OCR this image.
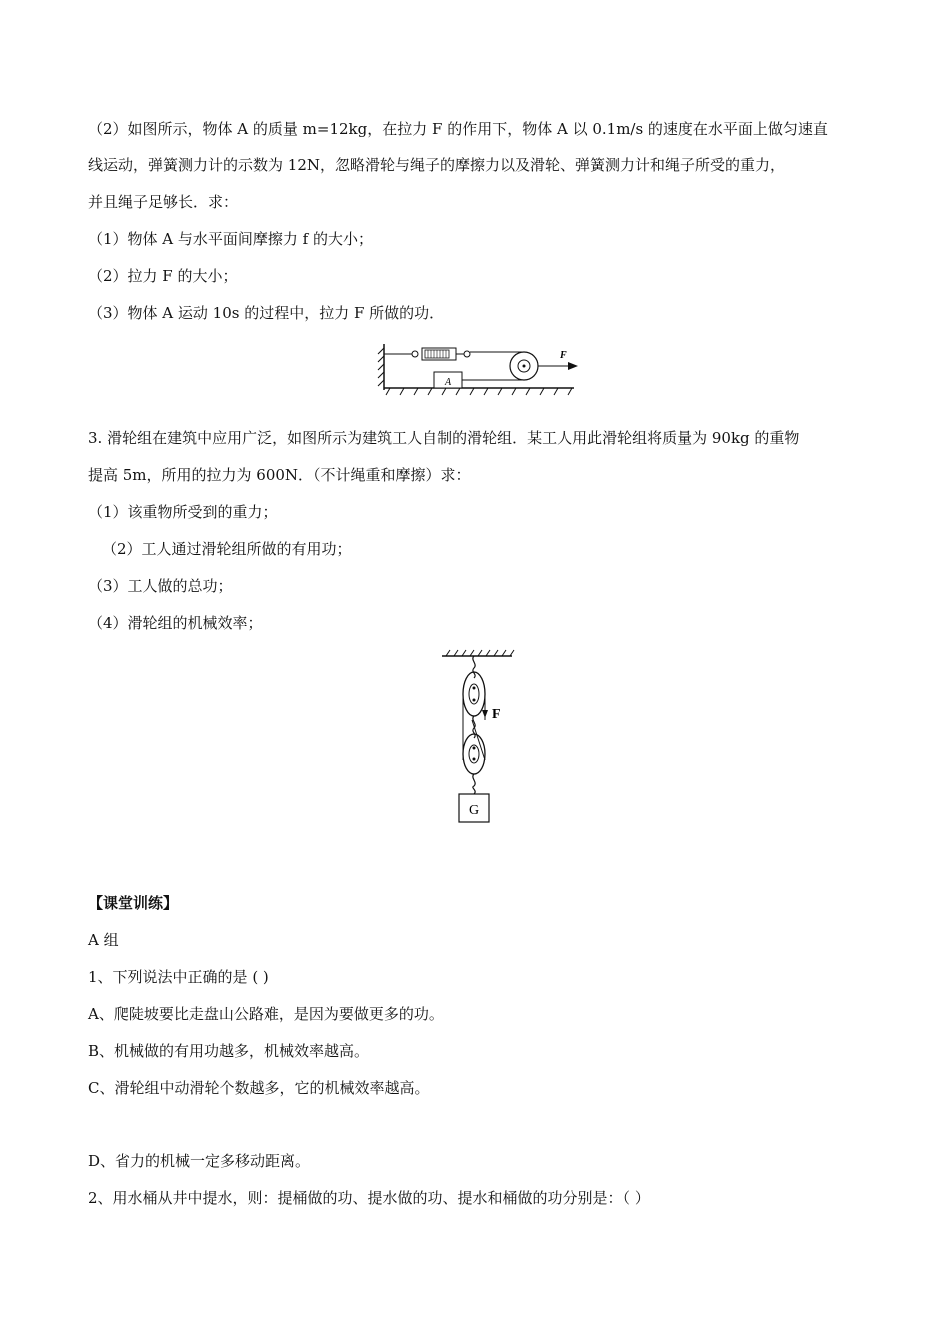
（2）如图所示，物体 A 的质量 m=12kg，在拉力 F 的作用下，物体 A 以 0.1m/s 的速度在水平面上做匀速直
线运动，弹簧测力计的示数为 12N，忽略滑轮与绳子的摩擦力以及滑轮、弹簧测力计和绳子所受的重力，
并且绳子足够长．求：
（1）物体 A 与水平面间摩擦力 f 的大小；
（2）拉力 F 的大小；
（3）物体 A 运动 10s 的过程中，拉力 F 所做的功．
A
F
3. 滑轮组在建筑中应用广泛，如图所示为建筑工人自制的滑轮组．某工人用此滑轮组将质量为 90kg 的重物
提高 5m，所用的拉力为 600N．（不计绳重和摩擦）求：
（1）该重物所受到的重力；
（2）工人通过滑轮组所做的有用功；
（3）工人做的总功；
（4）滑轮组的机械效率；
F
G
【课堂训练】
A 组
1、下列说法中正确的是 ( )
A、爬陡坡要比走盘山公路难，是因为要做更多的功。
B、机械做的有用功越多，机械效率越高。
C、滑轮组中动滑轮个数越多，它的机械效率越高。
D、省力的机械一定多移动距离。
2、用水桶从井中提水，则：提桶做的功、提水做的功、提水和桶做的功分别是：（ ）
